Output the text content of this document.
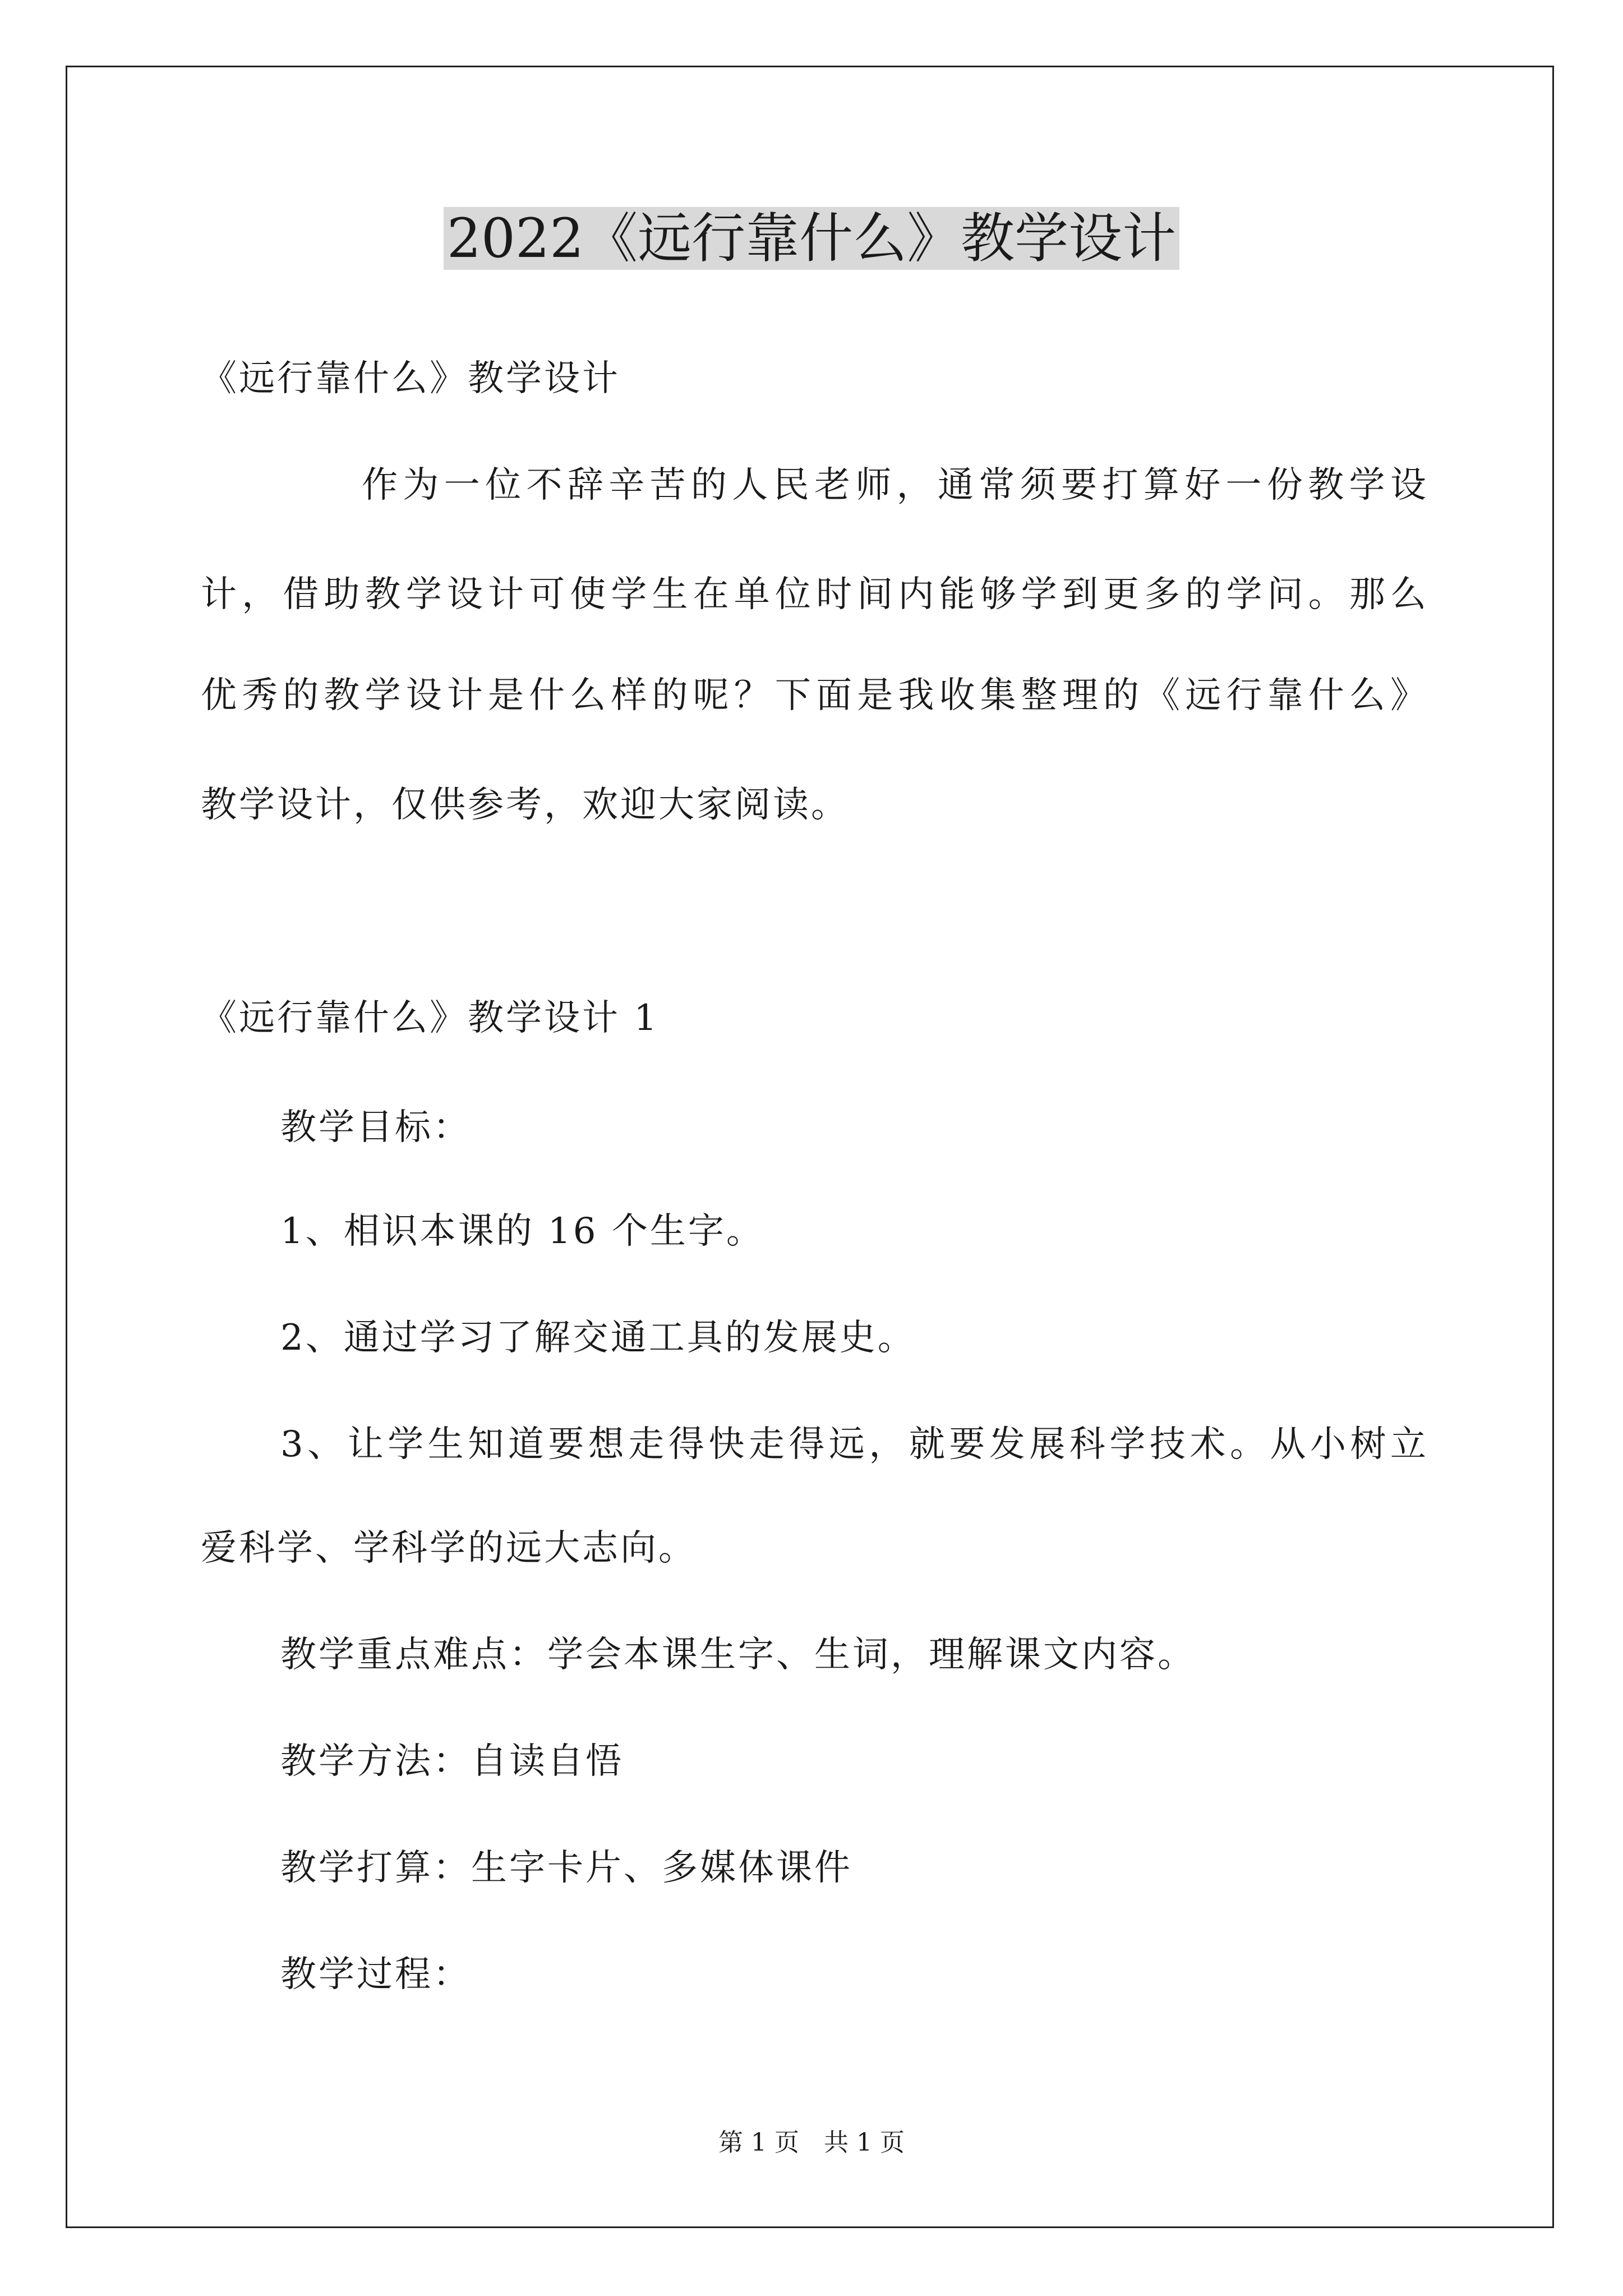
2022《远行靠什么》教学设计
《远行靠什么》教学设计
作为一位不辞辛苦的人民老师，通常须要打算好一份教学设
计，借助教学设计可使学生在单位时间内能够学到更多的学问。那么
优秀的教学设计是什么样的呢？下面是我收集整理的《远行靠什么》
教学设计，仅供参考，欢迎大家阅读。
《远行靠什么》教学设计 1
教学目标：
1、相识本课的 16 个生字。
2、通过学习了解交通工具的发展史。
3、让学生知道要想走得快走得远，就要发展科学技术。从小树立
爱科学、学科学的远大志向。
教学重点难点：学会本课生字、生词，理解课文内容。
教学方法：自读自悟
教学打算：生字卡片、多媒体课件
教学过程：
第 1 页　共 1 页
